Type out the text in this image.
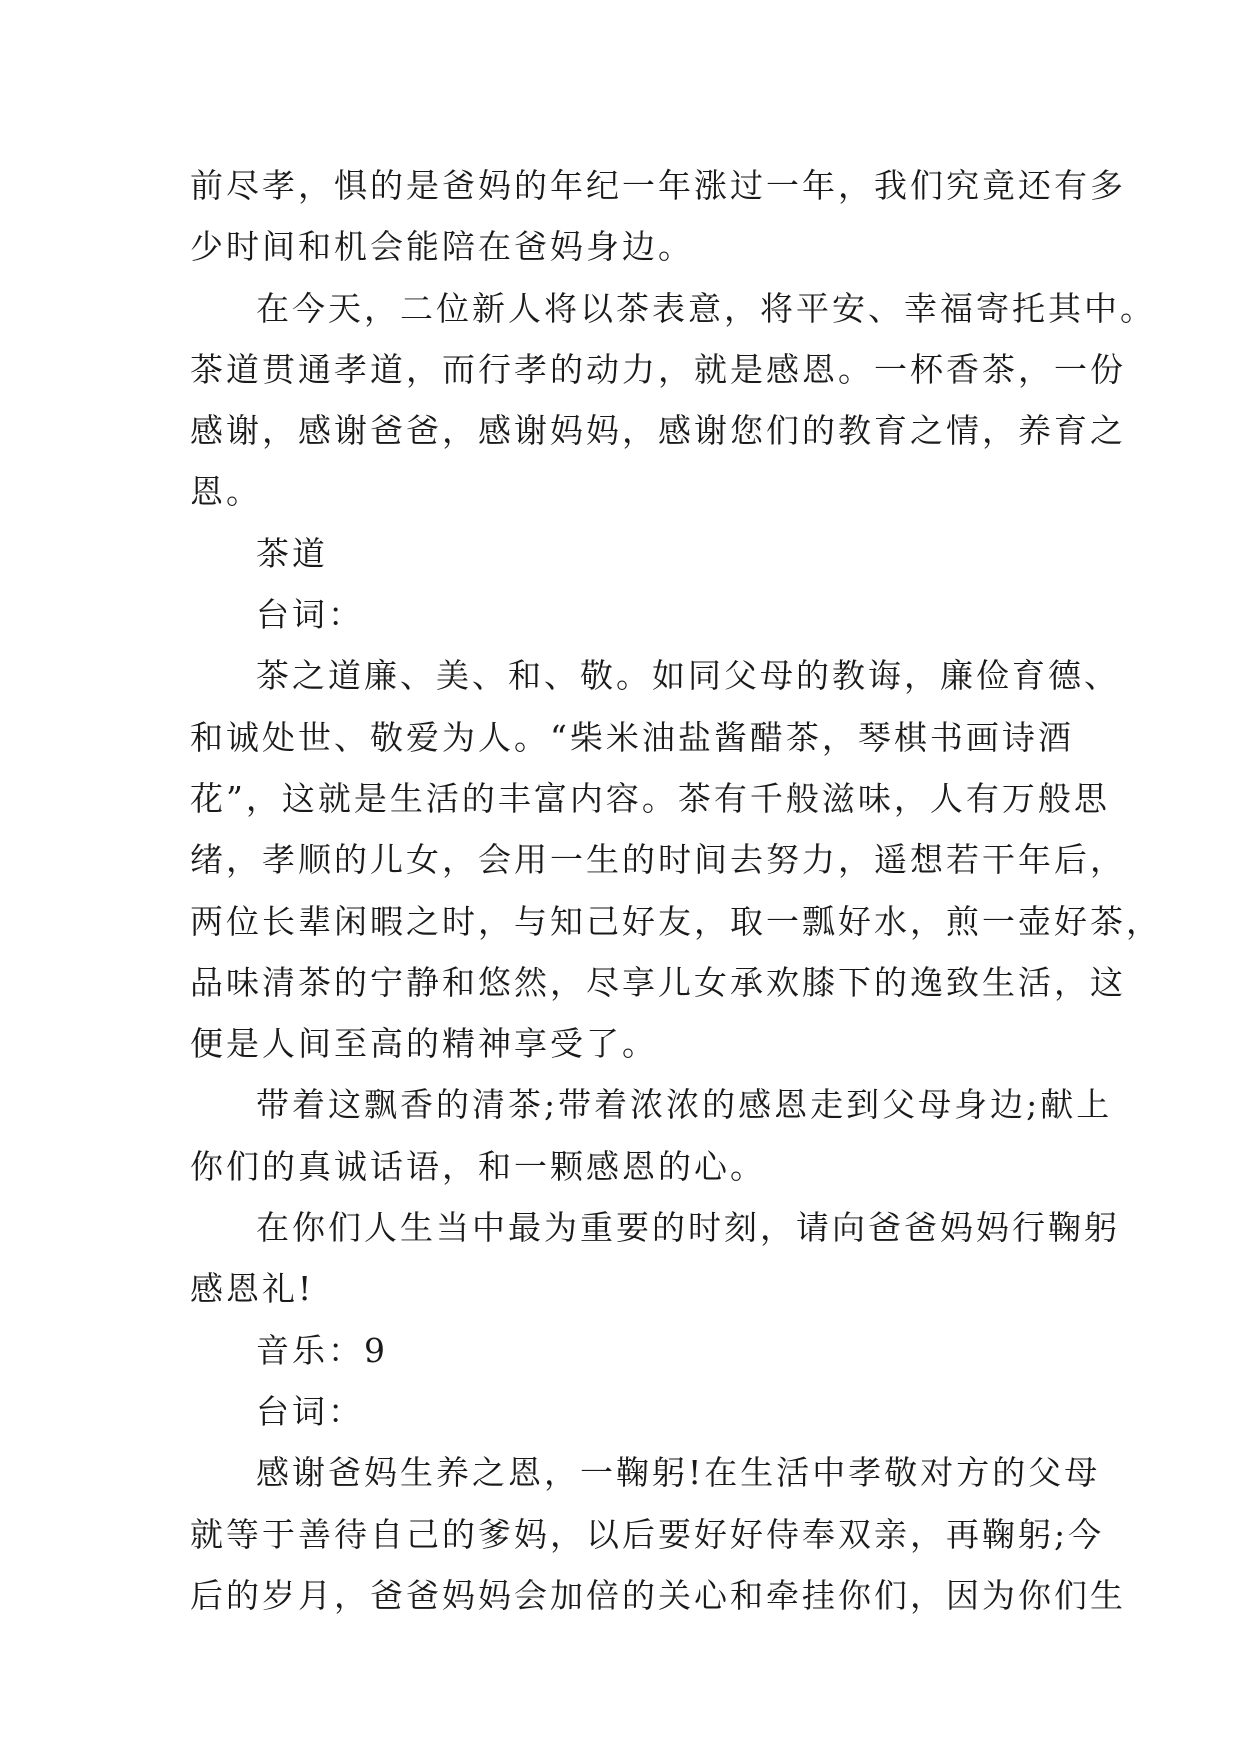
前尽孝，惧的是爸妈的年纪一年涨过一年，我们究竟还有多
少时间和机会能陪在爸妈身边。

在今天，二位新人将以茶表意，将平安、幸福寄托其中。
茶道贯通孝道，而行孝的动力，就是感恩。一杯香茶，一份
感谢，感谢爸爸，感谢妈妈，感谢您们的教育之情，养育之
恩。

茶道

台词：

茶之道廉、美、和、敬。如同父母的教诲，廉俭育德、
和诚处世、敬爱为人。“柴米油盐酱醋茶，琴棋书画诗酒
花”，这就是生活的丰富内容。茶有千般滋味，人有万般思
绪，孝顺的儿女，会用一生的时间去努力，遥想若干年后，
两位长辈闲暇之时，与知己好友，取一瓢好水，煎一壶好茶，
品味清茶的宁静和悠然，尽享儿女承欢膝下的逸致生活，这
便是人间至高的精神享受了。

带着这飘香的清茶;带着浓浓的感恩走到父母身边;献上
你们的真诚话语，和一颗感恩的心。

在你们人生当中最为重要的时刻，请向爸爸妈妈行鞠躬
感恩礼!

音乐：9

台词：

感谢爸妈生养之恩，一鞠躬!在生活中孝敬对方的父母
就等于善待自己的爹妈，以后要好好侍奉双亲，再鞠躬;今
后的岁月，爸爸妈妈会加倍的关心和牵挂你们，因为你们生
